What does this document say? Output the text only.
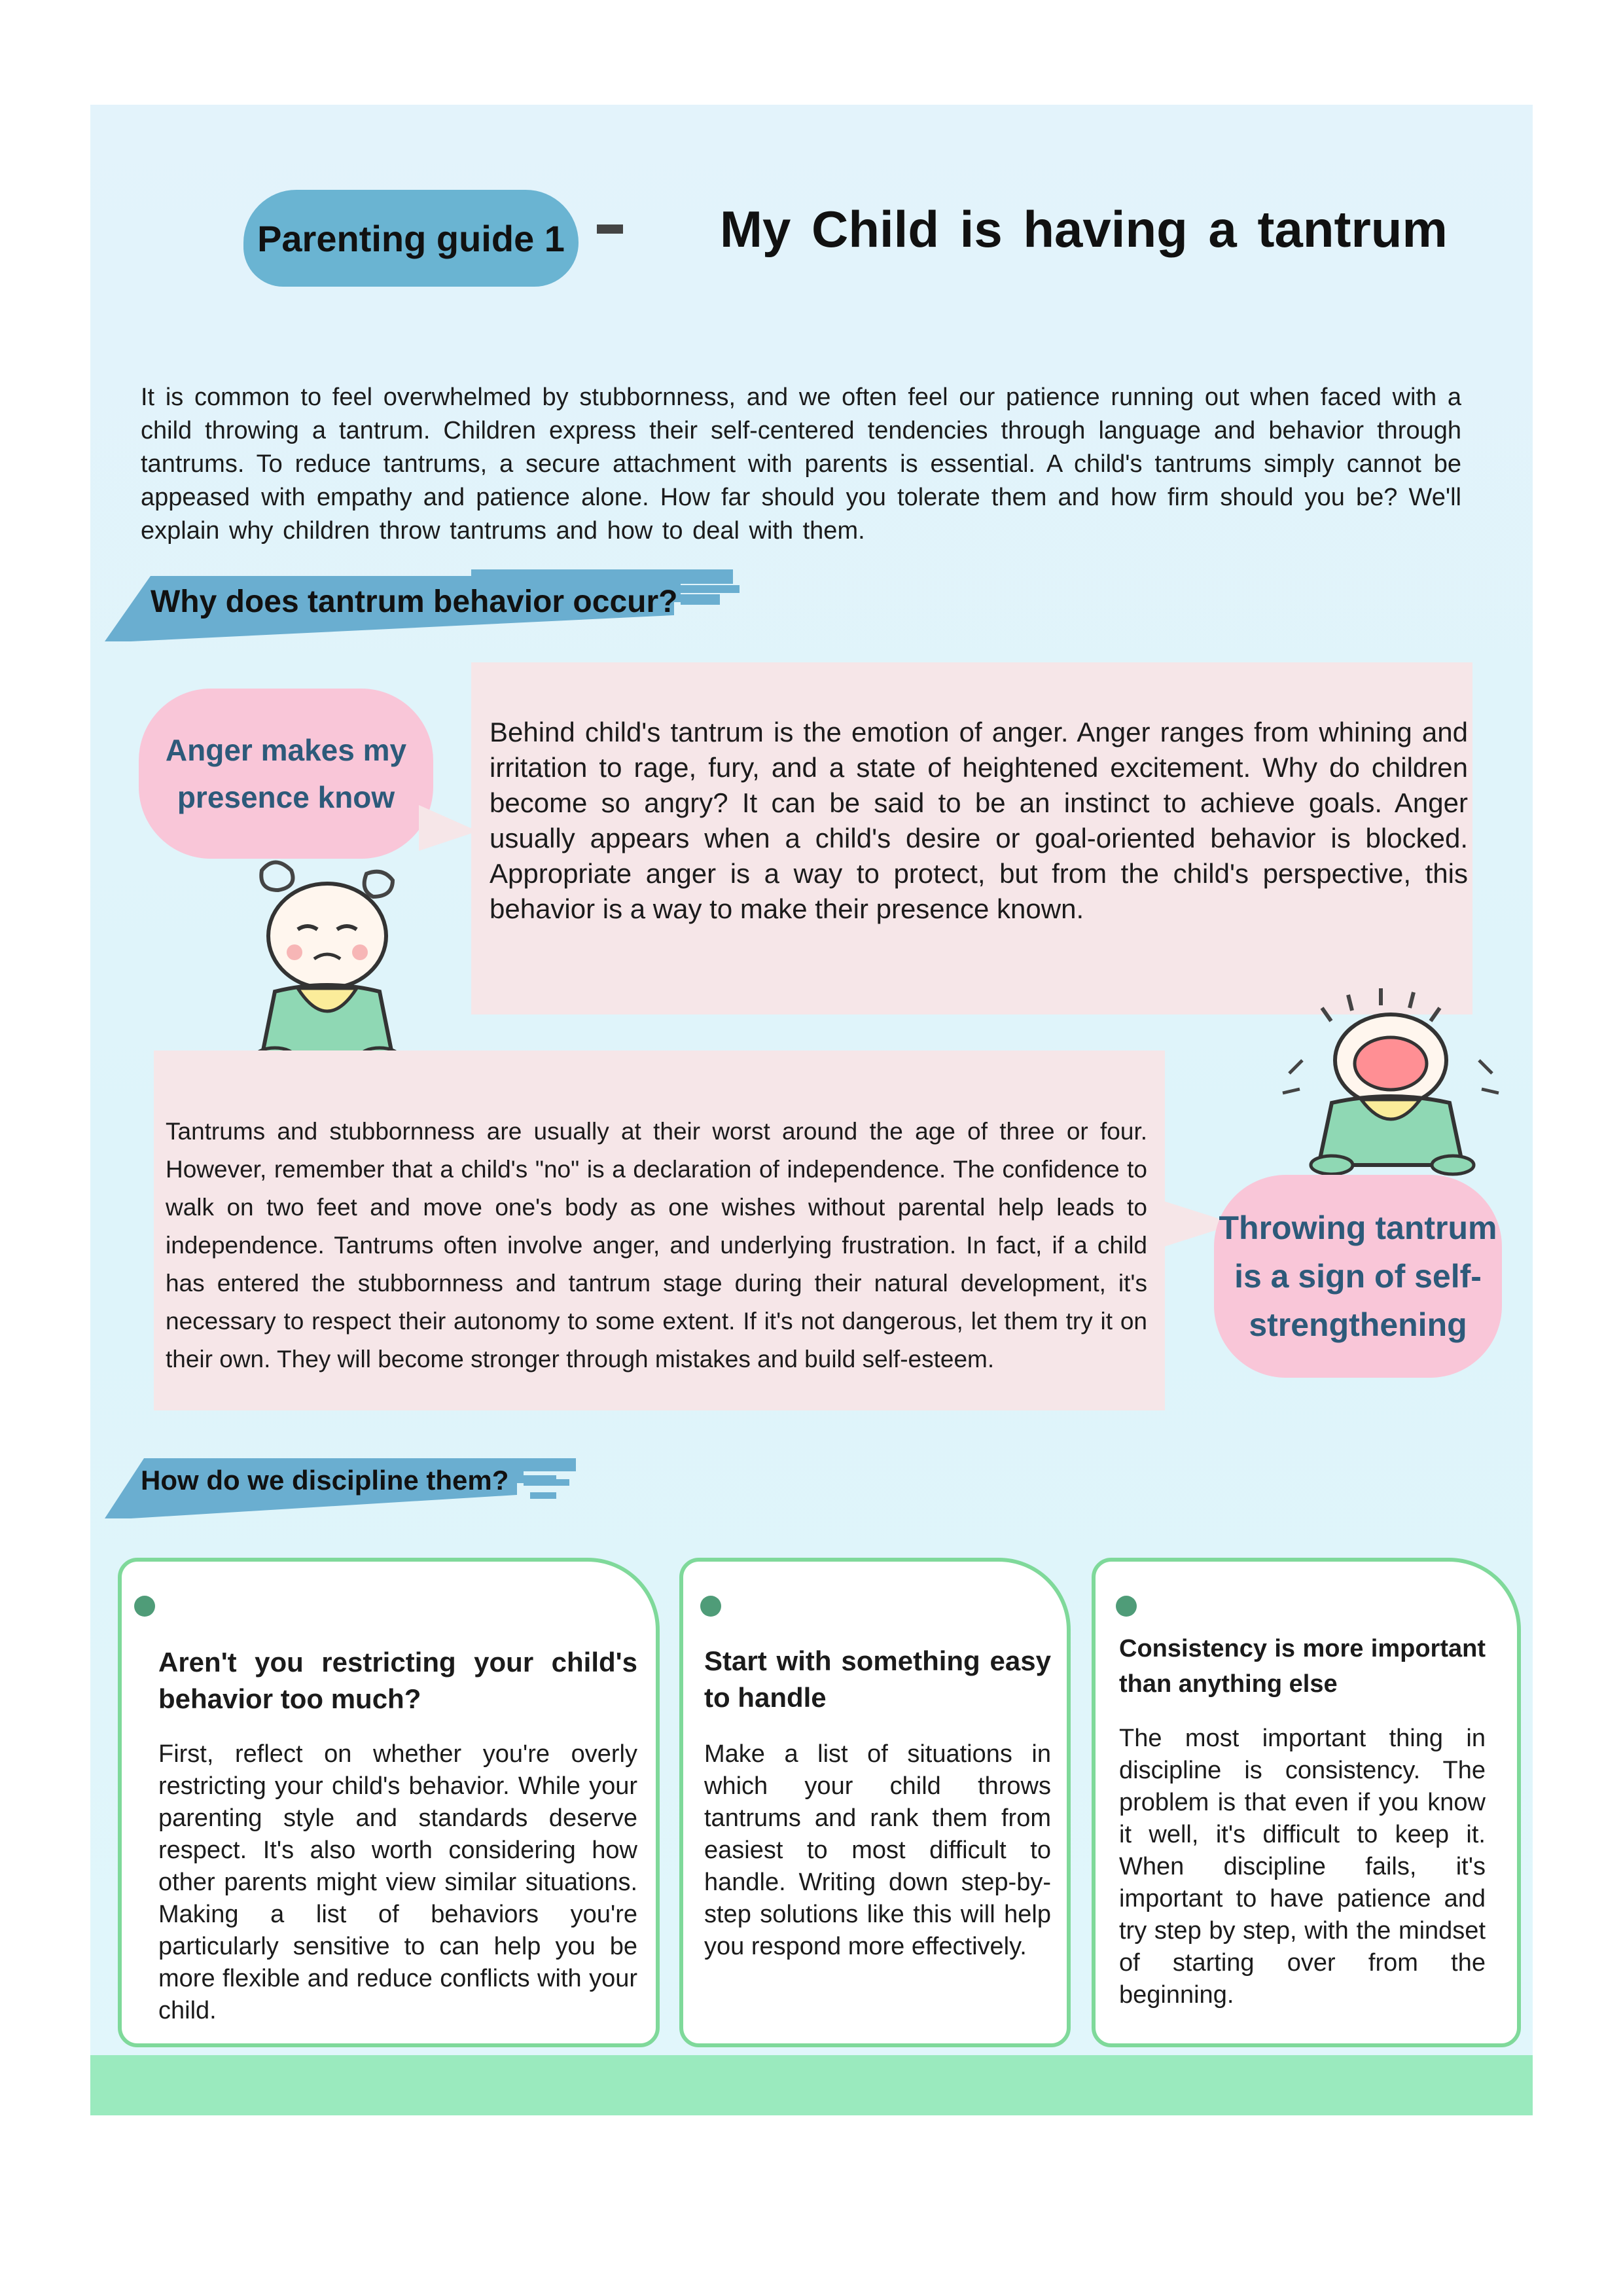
Parenting guide 1	My Child is having a tantrum
It is common to feel overwhelmed by stubbornness, and we often feel our patience running out when faced with a child throwing a tantrum. Children express their self-centered tendencies through language and behavior through tantrums. To reduce tantrums, a secure attachment with parents is essential. A child's tantrums simply cannot be appeased with empathy and patience alone. How far should you tolerate them and how firm should you be? We'll explain why children throw tantrums and how to deal with them.
Why does tantrum behavior occur?
Anger makes my presence know
Behind child's tantrum is the emotion of anger. Anger ranges from whining and irritation to rage, fury, and a state of heightened excitement. Why do children become so angry? It can be said to be an instinct to achieve goals. Anger usually appears when a child's desire or goal-oriented behavior is blocked. Appropriate anger is a way to protect, but from the child's perspective, this behavior is a way to make their presence known.
Tantrums and stubbornness are usually at their worst around the age of three or four. However, remember that a child's "no" is a declaration of independence. The confidence to walk on two feet and move one's body as one wishes without parental help leads to independence. Tantrums often involve anger, and underlying frustration. In fact, if a child has entered the stubbornness and tantrum stage during their natural development, it's necessary to respect their autonomy to some extent. If it's not dangerous, let them try it on their own. They will become stronger through mistakes and build self-esteem.
Throwing tantrum is a sign of self-strengthening
How do we discipline them?
Aren't you restricting your child's behavior too much?
First, reflect on whether you're overly restricting your child's behavior. While your parenting style and standards deserve respect. It's also worth considering how other parents might view similar situations. Making a list of behaviors you're particularly sensitive to can help you be more flexible and reduce conflicts with your child.
Start with something easy to handle
Make a list of situations in which your child throws tantrums and rank them from easiest to most difficult to handle. Writing down step-by-step solutions like this will help you respond more effectively.
Consistency is more important than anything else
The most important thing in discipline is consistency. The problem is that even if you know it well, it's difficult to keep it. When discipline fails, it's important to have patience and try step by step, with the mindset of starting over from the beginning.
